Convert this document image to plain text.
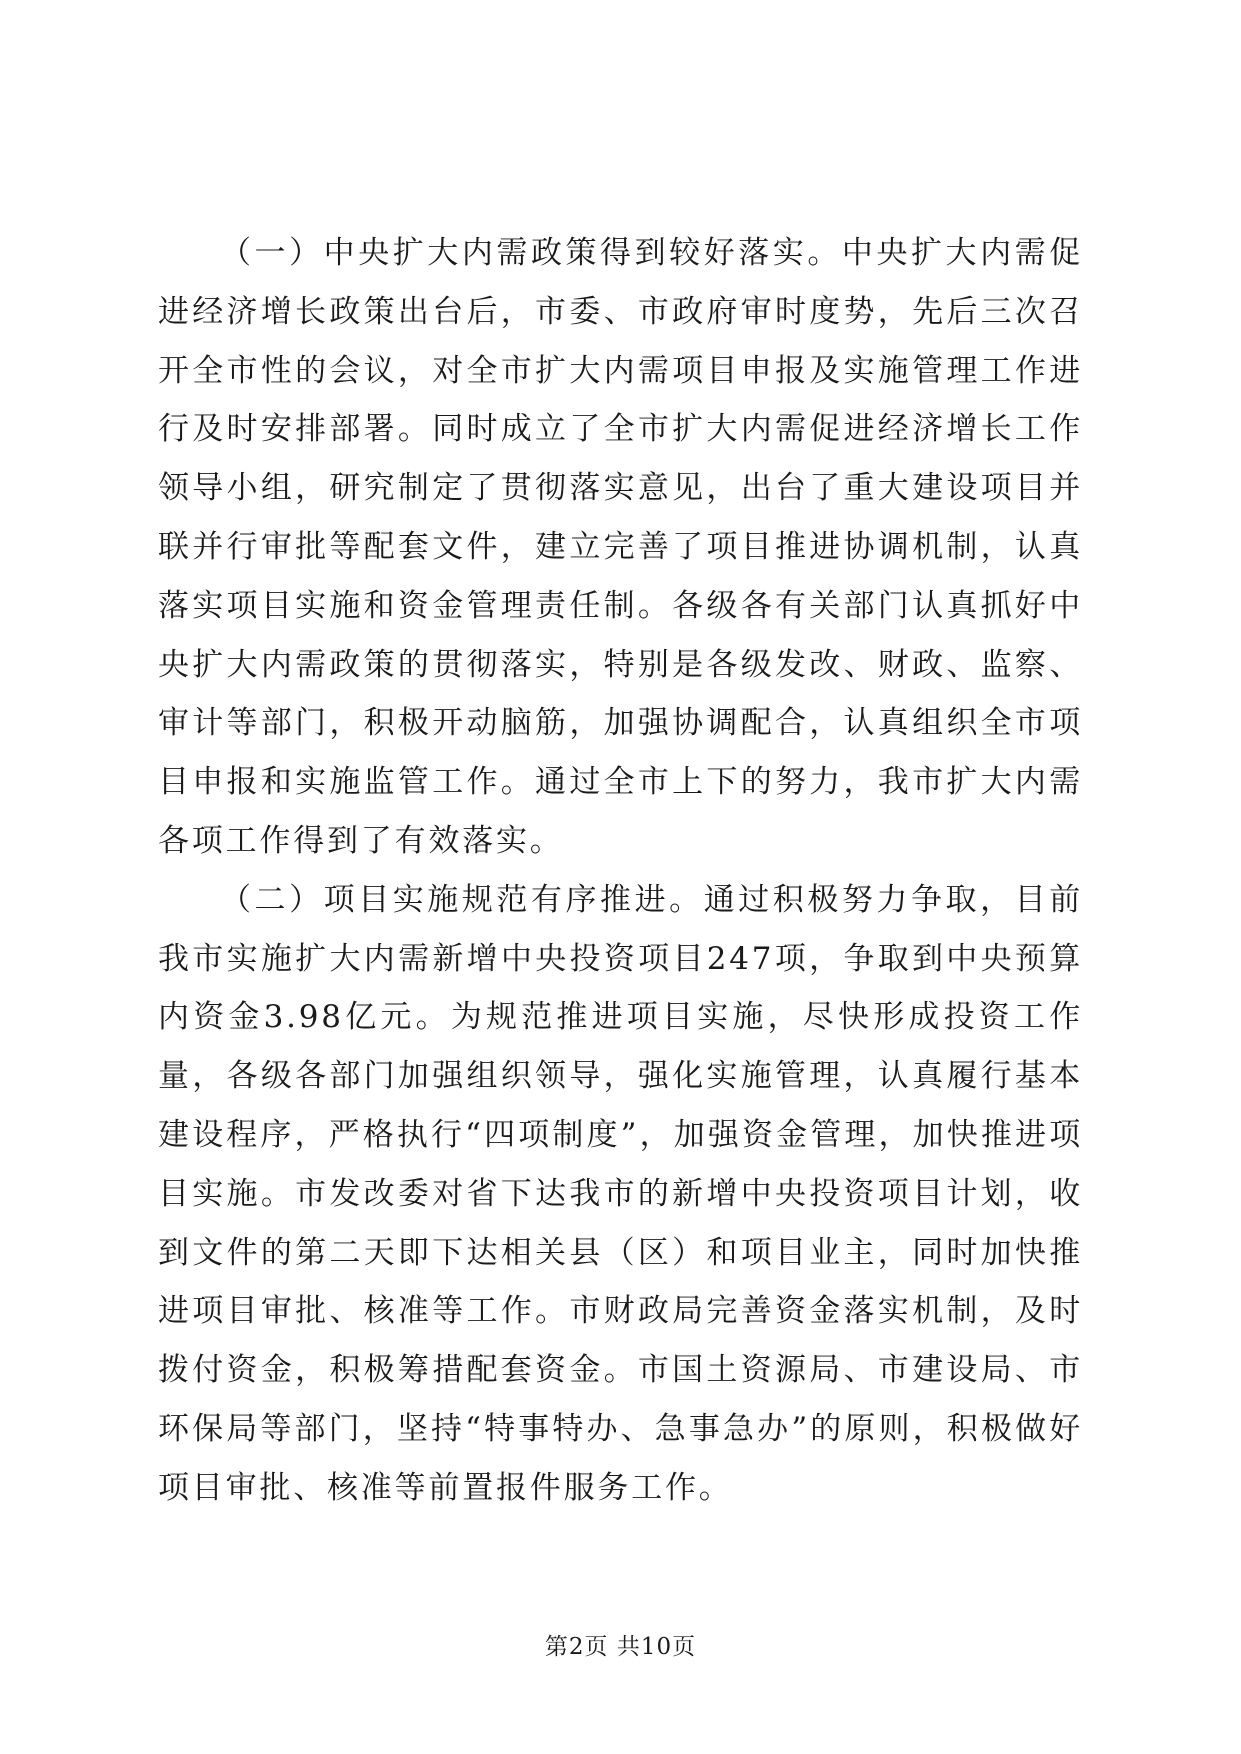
（一）中央扩大内需政策得到较好落实。中央扩大内需促进经济增长政策出台后，市委、市政府审时度势，先后三次召开全市性的会议，对全市扩大内需项目申报及实施管理工作进行及时安排部署。同时成立了全市扩大内需促进经济增长工作领导小组，研究制定了贯彻落实意见，出台了重大建设项目并联并行审批等配套文件，建立完善了项目推进协调机制，认真落实项目实施和资金管理责任制。各级各有关部门认真抓好中央扩大内需政策的贯彻落实，特别是各级发改、财政、监察、审计等部门，积极开动脑筋，加强协调配合，认真组织全市项目申报和实施监管工作。通过全市上下的努力，我市扩大内需各项工作得到了有效落实。

（二）项目实施规范有序推进。通过积极努力争取，目前我市实施扩大内需新增中央投资项目247项，争取到中央预算内资金3.98亿元。为规范推进项目实施，尽快形成投资工作量，各级各部门加强组织领导，强化实施管理，认真履行基本建设程序，严格执行“四项制度”，加强资金管理，加快推进项目实施。市发改委对省下达我市的新增中央投资项目计划，收到文件的第二天即下达相关县（区）和项目业主，同时加快推进项目审批、核准等工作。市财政局完善资金落实机制，及时拨付资金，积极筹措配套资金。市国土资源局、市建设局、市环保局等部门，坚持“特事特办、急事急办”的原则，积极做好项目审批、核准等前置报件服务工作。

第2页 共10页
